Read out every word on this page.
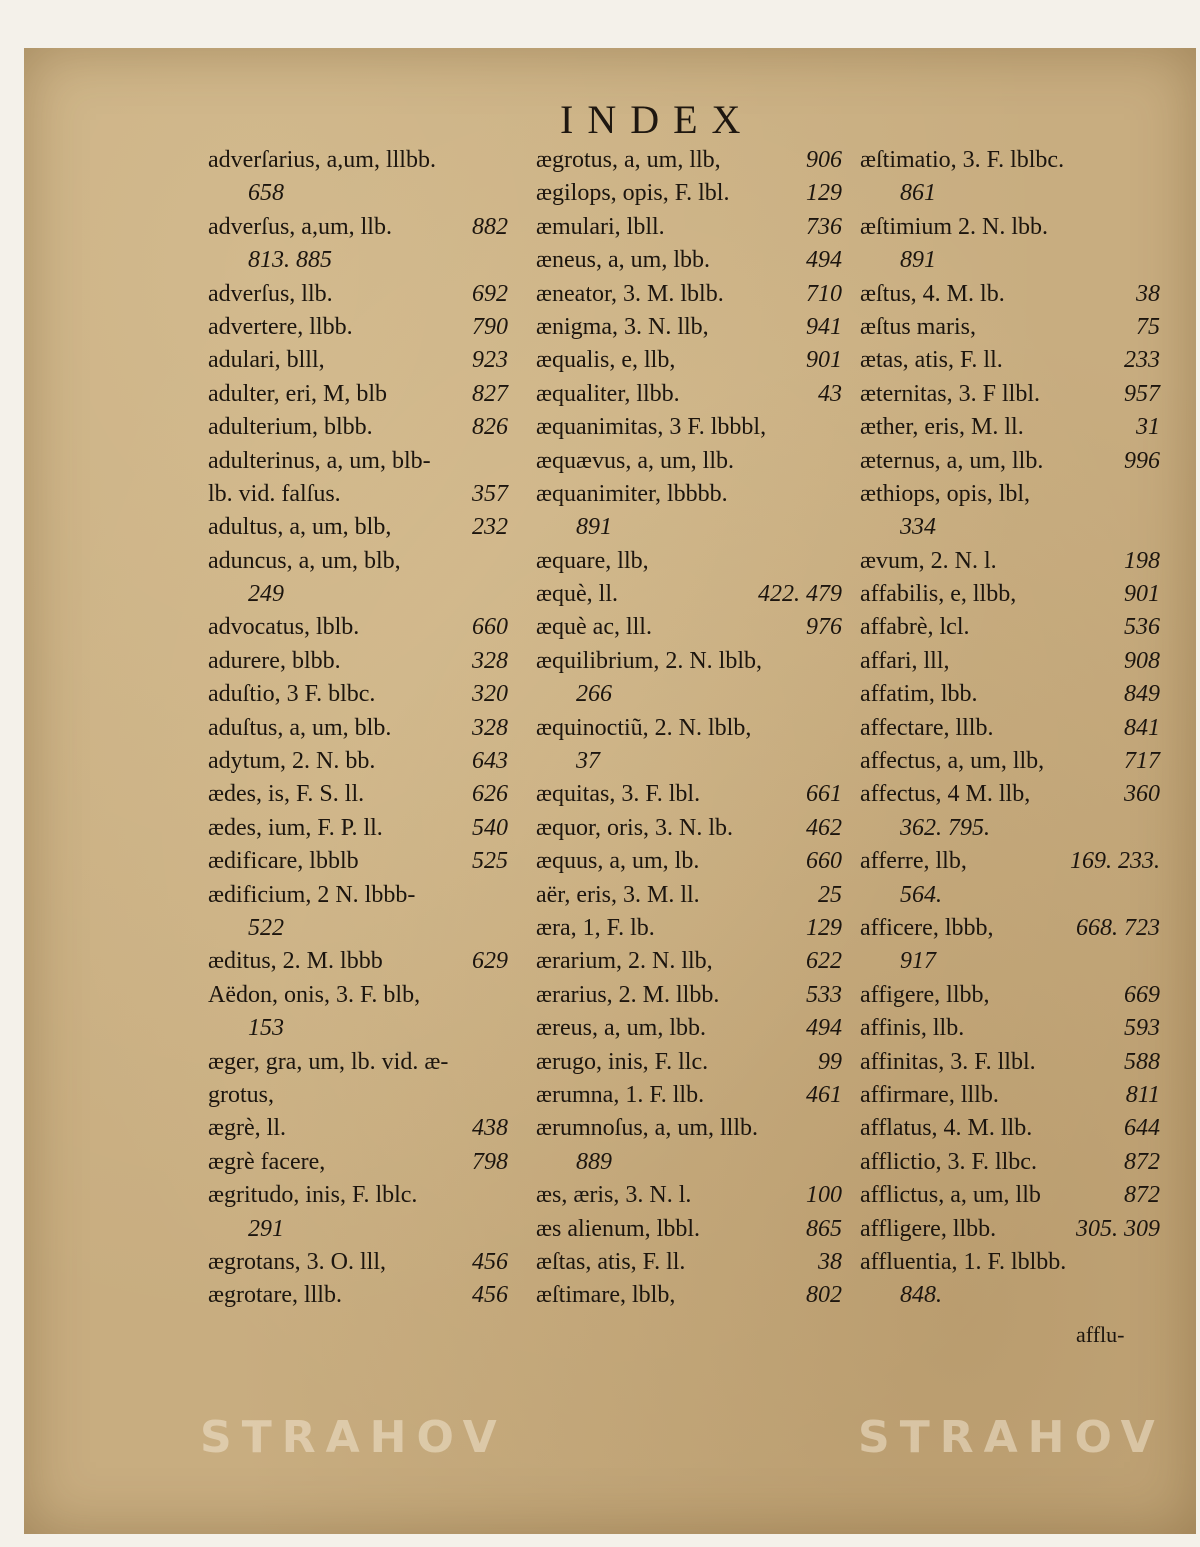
INDEX
adverſarius, a,um, lllbb.
658
adverſus, a,um, llb.	882
813. 885
adverſus, llb.	692
advertere, llbb.	790
adulari, blll,	923
adulter, eri, M, blb	827
adulterium, blbb.	826
adulterinus, a, um, blb-
lb. vid. falſus.	357
adultus, a, um, blb,	232
aduncus, a, um, blb,
249
advocatus, lblb.	660
adurere, blbb.	328
aduſtio, 3 F. blbc.	320
aduſtus, a, um, blb.	328
adytum, 2. N. bb.	643
ædes, is, F. S. ll.	626
ædes, ium, F. P. ll.	540
ædificare, lbblb	525
ædificium, 2 N. lbbb-
522
æditus, 2. M. lbbb	629
Aëdon, onis, 3. F. blb,
153
æger, gra, um, lb. vid. æ-
grotus,
ægrè, ll.	438
ægrè facere,	798
ægritudo, inis, F. lblc.
291
ægrotans, 3. O. lll,	456
ægrotare, lllb.	456
ægrotus, a, um, llb,	906
ægilops, opis, F. lbl.	129
æmulari, lbll.	736
æneus, a, um, lbb.	494
æneator, 3. M. lblb.	710
ænigma, 3. N. llb,	941
æqualis, e, llb,	901
æqualiter, llbb.	43
æquanimitas, 3 F. lbbbl,
æquævus, a, um, llb.
æquanimiter, lbbbb.
891
æquare, llb,
æquè, ll.	422. 479
æquè ac, lll.	976
æquilibrium, 2. N. lblb,
266
æquinoctiũ, 2. N. lblb,
37
æquitas, 3. F. lbl.	661
æquor, oris, 3. N. lb.	462
æquus, a, um, lb.	660
aër, eris, 3. M. ll.	25
æra, 1, F. lb.	129
ærarium, 2. N. llb,	622
ærarius, 2. M. llbb.	533
æreus, a, um, lbb.	494
ærugo, inis, F. llc.	99
ærumna, 1. F. llb.	461
ærumnoſus, a, um, lllb.
889
æs, æris, 3. N. l.	100
æs alienum, lbbl.	865
æſtas, atis, F. ll.	38
æſtimare, lblb,	802
æſtimatio, 3. F. lblbc.
861
æſtimium 2. N. lbb.
891
æſtus, 4. M. lb.	38
æſtus maris,	75
ætas, atis, F. ll.	233
æternitas, 3. F llbl.	957
æther, eris, M. ll.	31
æternus, a, um, llb.	996
æthiops, opis, lbl,
334
ævum, 2. N. l.	198
affabilis, e, llbb,	901
affabrè, lcl.	536
affari, lll,	908
affatim, lbb.	849
affectare, lllb.	841
affectus, a, um, llb,	717
affectus, 4 M. llb,	360
362. 795.
afferre, llb,	169. 233.
564.
afficere, lbbb,	668. 723
917
affigere, llbb,	669
affinis, llb.	593
affinitas, 3. F. llbl.	588
affirmare, lllb.	811
afflatus, 4. M. llb.	644
afflictio, 3. F. llbc.	872
afflictus, a, um, llb	872
affligere, llbb.	305. 309
affluentia, 1. F. lblbb.
848.
afflu-
STRAHOV	STRAHOV
